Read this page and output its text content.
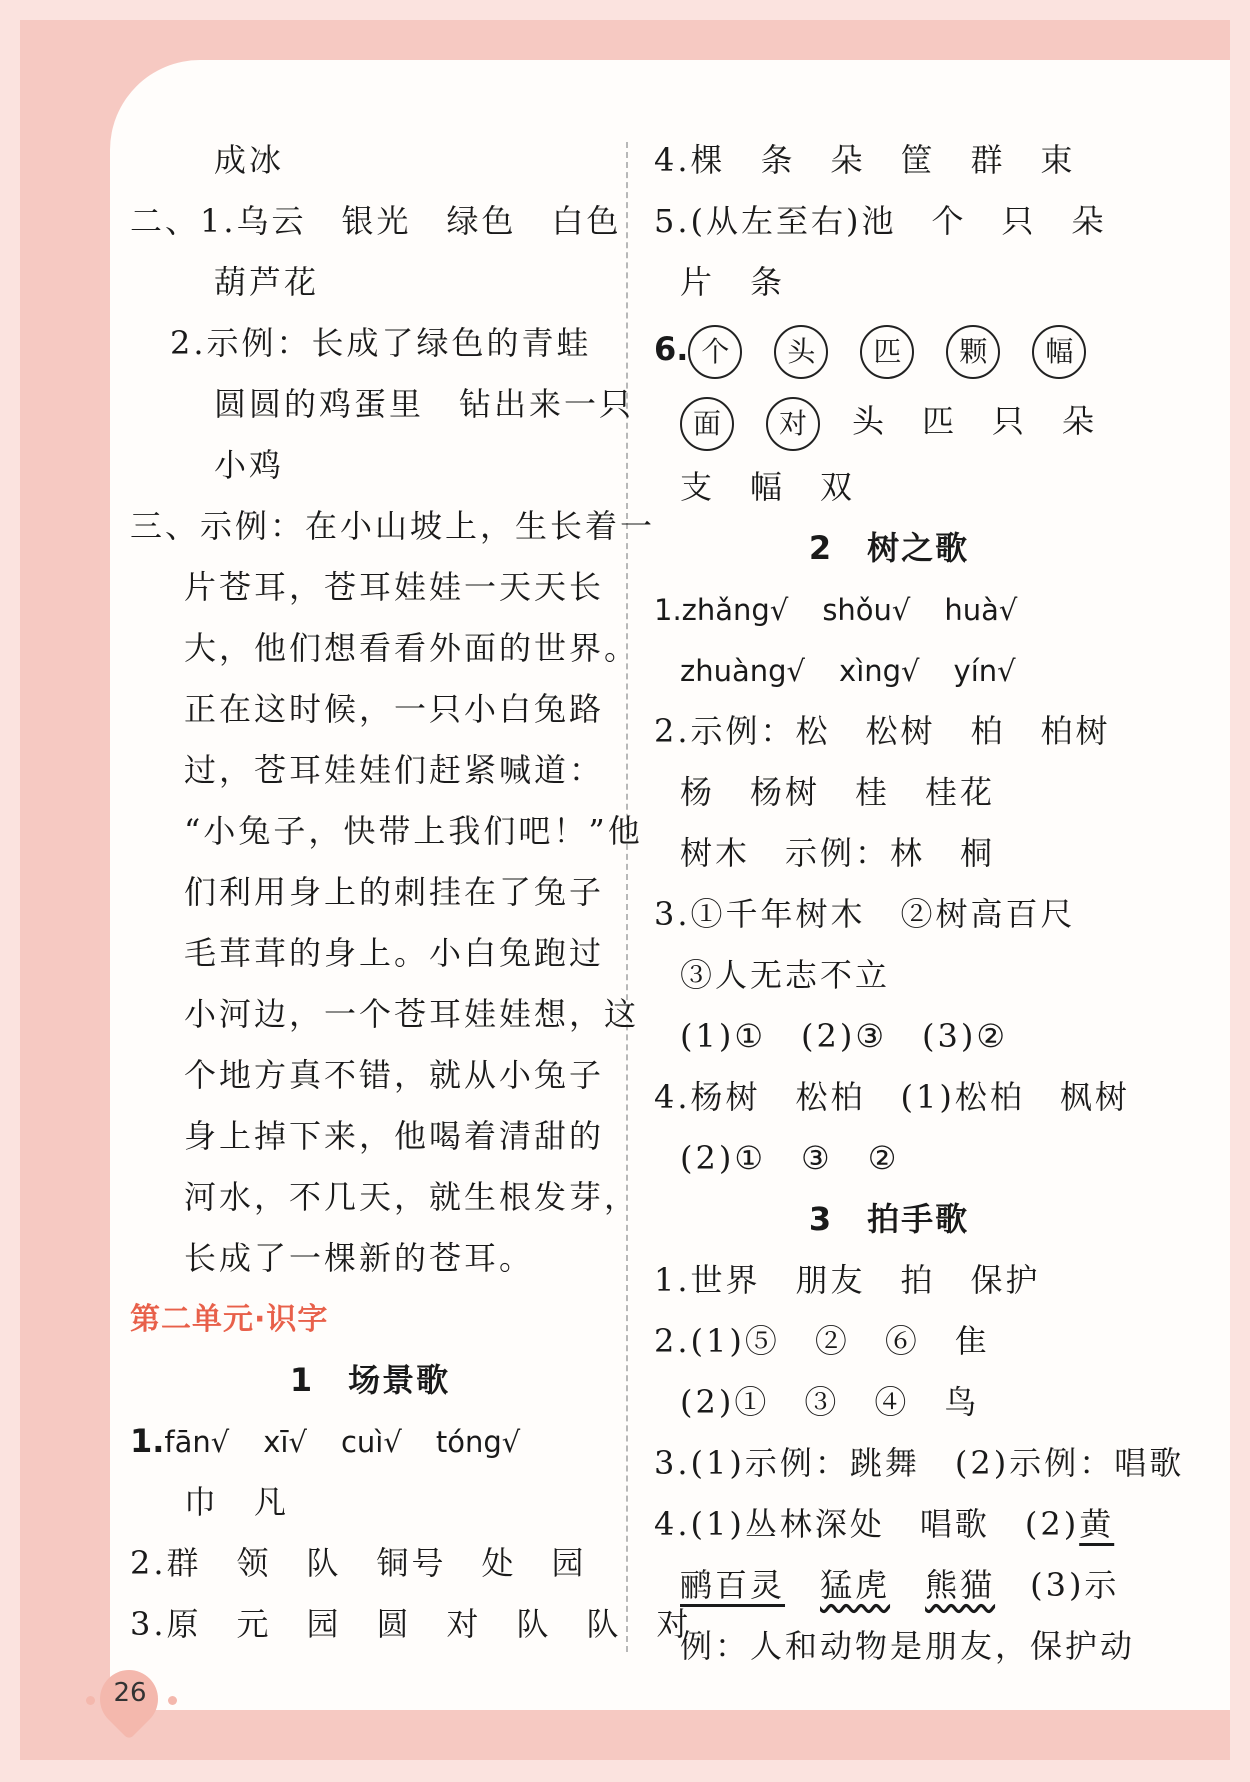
成冰
二、1.乌云　银光　绿色　白色
葫芦花
2.示例：长成了绿色的青蛙
圆圆的鸡蛋里　钻出来一只
小鸡
三、示例：在小山坡上，生长着一
片苍耳，苍耳娃娃一天天长
大，他们想看看外面的世界。
正在这时候，一只小白兔路
过，苍耳娃娃们赶紧喊道：
“小兔子，快带上我们吧！”他
们利用身上的刺挂在了兔子
毛茸茸的身上。小白兔跑过
小河边，一个苍耳娃娃想，这
个地方真不错，就从小兔子
身上掉下来，他喝着清甜的
河水，不几天，就生根发芽，
长成了一棵新的苍耳。
第二单元·识字
1　场景歌
1.fān√ xī√ cuì√ tóng√
巾　凡
2.群　领　队　铜号　处　园
3.原　元　园　圆　对　队　队　对
4.棵　条　朵　筐　群　束
5.(从左至右)池　个　只　朵
片　条
6. 个 头 匹 颗 幅
面 对 头　匹　只　朵
支　幅　双
2　树之歌
1.zhǎng√ shǒu√ huà√
zhuàng√ xìng√ yín√
2.示例：松　松树　柏　柏树
杨　杨树　桂　桂花
树木　示例：林　桐
3.①千年树木　②树高百尺
③人无志不立
(1)①　(2)③　(3)②
4.杨树　松柏　(1)松柏　枫树
(2)①　③　②
3　拍手歌
1.世界　朋友　拍　保护
2.(1)⑤　②　⑥　隹
(2)①　③　④　鸟
3.(1)示例：跳舞　(2)示例：唱歌
4.(1)丛林深处　唱歌　(2)黄
鹂百灵　 猛虎　 熊猫　 (3)示
例：人和动物是朋友，保护动
26
